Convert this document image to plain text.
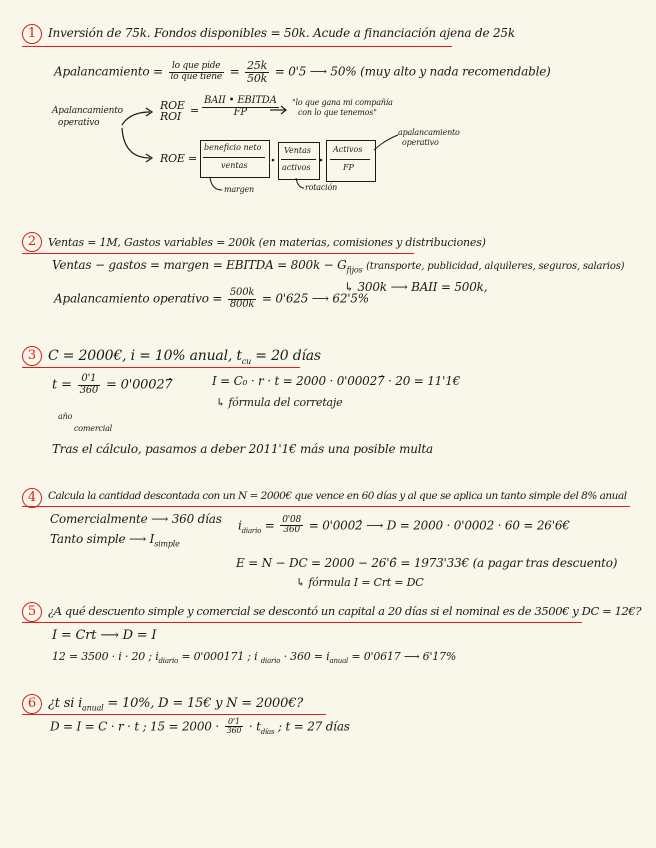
1 Inversión de 75k. Fondos disponibles = 50k. Acude a financiación ajena de 25k
Apalancamiento = $\frac{\text{lo que pide}}{\text{lo que tiene}} = \frac{25k}{50k} = 0'5$ ⟶ 50% (muy alto y nada recomendable)
Apalancamiento
operativo
ROE
ROI = $\frac{\text{BAII • EBITDA}}{FP}$ "lo que gana mi compañía
con lo que tenemos"
ROE =
beneficio neto
ventas
Ventas
activos
Activos
FP
margen	rotación
apalancamiento
operativo
2	Ventas = 1M, Gastos variables = 200k (en materias, comisiones y distribuciones)
Ventas − gastos = margen = EBITDA = $800k - G_{fijos}$ (transporte, publicidad, alquileres, seguros, salarios)
↳ 300k ⟶ BAII = 500k,
Apalancamiento operativo = $\frac{500k}{800k} = 0'625$ ⟶ 62'5%
3 C = 2000€, i = 10% anual, $t_{cu} = 20$ días
$t = \frac{0'1}{360}$ = 0'00027̂
año
comercial
I = C₀ · r · t = 2000 · 0'00027̂ · 20 = 11'1€
↳ fórmula del corretaje
Tras el cálculo, pasamos a deber 2011'1€ más una posible multa
4	Calcula la cantidad descontada con un N = 2000€ que vence en 60 días y al que se aplica un tanto simple del 8% anual
Comercialmente ⟶ 360 días
Tanto simple ⟶ $I_{simple}$
$i_{diario} = \frac{0'08}{360}$ = 0'0002̂ ⟶ D = 2000 · 0'0002 · 60 = 26'6€
E = N − DC = 2000 − 26'6̂ = 1973'33€ (a pagar tras descuento)
↳ fórmula I = Crt = DC
5	¿A qué descuento simple y comercial se descontó un capital a 20 días si el nominal es de 3500€ y DC = 12€?
I = Crt ⟶ D = I
12 = 3500 · i · 20 ; $i_{diario} = 0'000171$ ; i $_{diario} \cdot 360 = i_{anual} = 0'0617$ ⟶ 6'17%
6 ¿t si $i_{anual} = 10\%$, D = 15€ y N = 2000€?
D = I = C · r · t ; $15 = 2000 \cdot \frac{0'1}{360} \cdot t_{días}$ ; t = 27 días
